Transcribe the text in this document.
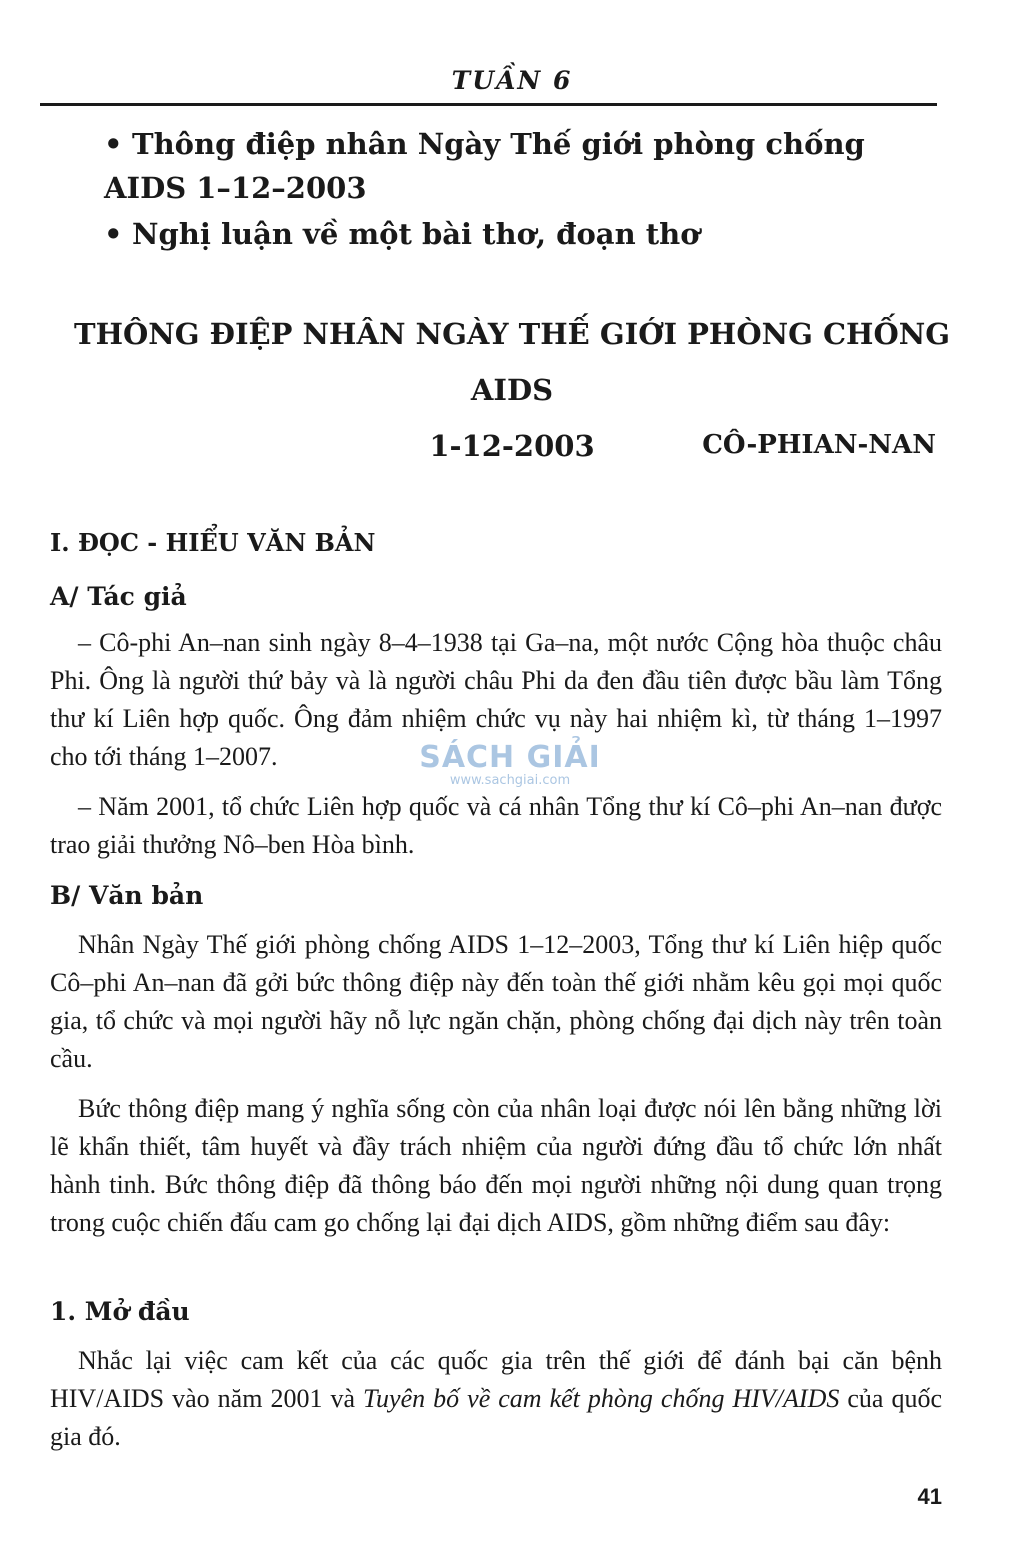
TUẦN 6
• Thông điệp nhân Ngày Thế giới phòng chống AIDS 1–12–2003
• Nghị luận về một bài thơ, đoạn thơ
THÔNG ĐIỆP NHÂN NGÀY THẾ GIỚI PHÒNG CHỐNG AIDS
1-12-2003	CÔ-PHIAN-NAN
I. ĐỌC - HIỂU VĂN BẢN
A/ Tác giả
– Cô-phi An–nan sinh ngày 8–4–1938 tại Ga–na, một nước Cộng hòa thuộc châu Phi. Ông là người thứ bảy và là người châu Phi da đen đầu tiên được bầu làm Tổng thư kí Liên hợp quốc. Ông đảm nhiệm chức vụ này hai nhiệm kì, từ tháng 1–1997 cho tới tháng 1–2007.
– Năm 2001, tổ chức Liên hợp quốc và cá nhân Tổng thư kí Cô–phi An–nan được trao giải thưởng Nô–ben Hòa bình.
B/ Văn bản
Nhân Ngày Thế giới phòng chống AIDS 1–12–2003, Tổng thư kí Liên hiệp quốc Cô–phi An–nan đã gởi bức thông điệp này đến toàn thế giới nhằm kêu gọi mọi quốc gia, tổ chức và mọi người hãy nỗ lực ngăn chặn, phòng chống đại dịch này trên toàn cầu.
Bức thông điệp mang ý nghĩa sống còn của nhân loại được nói lên bằng những lời lẽ khẩn thiết, tâm huyết và đầy trách nhiệm của người đứng đầu tổ chức lớn nhất hành tinh. Bức thông điệp đã thông báo đến mọi người những nội dung quan trọng trong cuộc chiến đấu cam go chống lại đại dịch AIDS, gồm những điểm sau đây:
1. Mở đầu
Nhắc lại việc cam kết của các quốc gia trên thế giới để đánh bại căn bệnh HIV/AIDS vào năm 2001 và Tuyên bố về cam kết phòng chống HIV/AIDS của quốc gia đó.
SÁCH GIẢI
www.sachgiai.com
41
